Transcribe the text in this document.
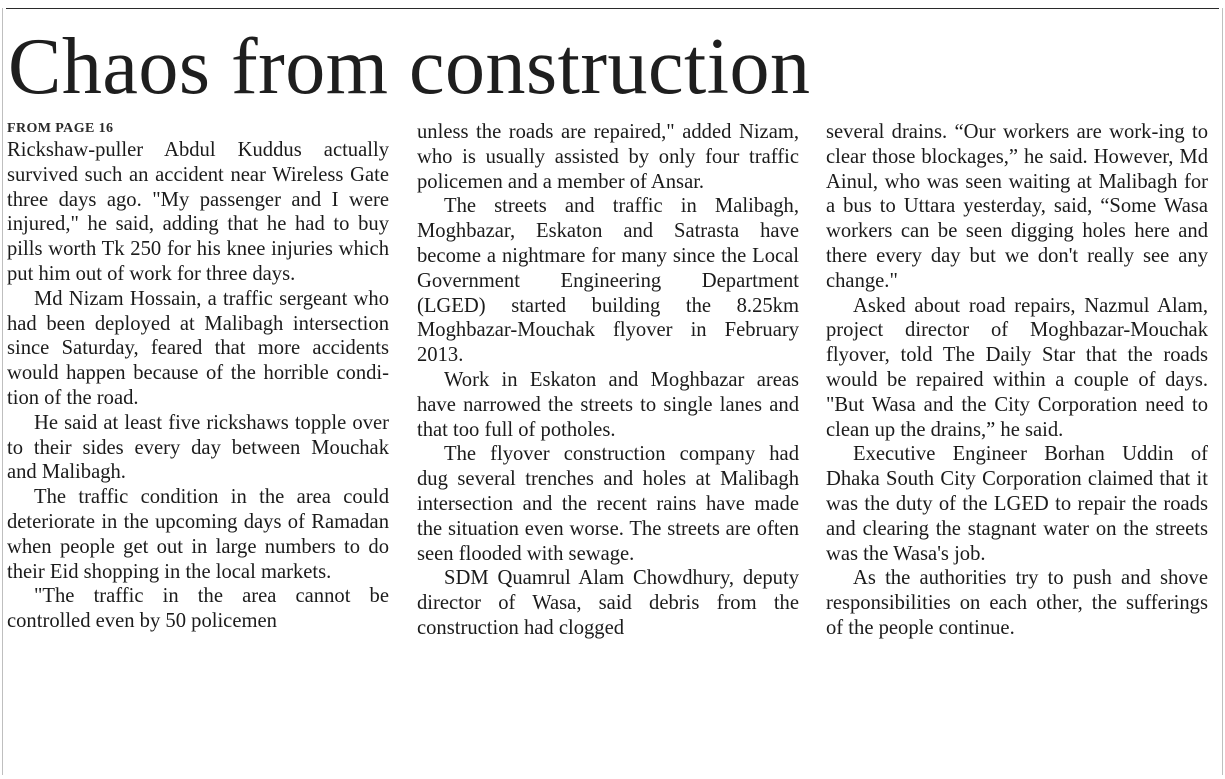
Chaos from construction
FROM PAGE 16

Rickshaw-puller Abdul Kuddus actually survived such an accident near Wireless Gate three days ago. "My passenger and I were injured," he said, adding that he had to buy pills worth Tk 250 for his knee injuries which put him out of work for three days.

Md Nizam Hossain, a traffic sergeant who had been deployed at Malibagh intersection since Saturday, feared that more accidents would happen because of the horrible condi-tion of the road.

He said at least five rickshaws topple over to their sides every day between Mouchak and Malibagh.

The traffic condition in the area could deteriorate in the upcoming days of Ramadan when people get out in large numbers to do their Eid shopping in the local markets.

"The traffic in the area cannot be controlled even by 50 policemen

unless the roads are repaired," added Nizam, who is usually assisted by only four traffic policemen and a member of Ansar.

The streets and traffic in Malibagh, Moghbazar, Eskaton and Satrasta have become a nightmare for many since the Local Government Engineering Department (LGED) started building the 8.25km Moghbazar-Mouchak flyover in February 2013.

Work in Eskaton and Moghbazar areas have narrowed the streets to single lanes and that too full of potholes.

The flyover construction company had dug several trenches and holes at Malibagh intersection and the recent rains have made the situation even worse. The streets are often seen flooded with sewage.

SDM Quamrul Alam Chowdhury, deputy director of Wasa, said debris from the construction had clogged

several drains. “Our workers are work-ing to clear those blockages,” he said. However, Md Ainul, who was seen waiting at Malibagh for a bus to Uttara yesterday, said, “Some Wasa workers can be seen digging holes here and there every day but we don't really see any change."

Asked about road repairs, Nazmul Alam, project director of Moghbazar-Mouchak flyover, told The Daily Star that the roads would be repaired within a couple of days. "But Wasa and the City Corporation need to clean up the drains,” he said.

Executive Engineer Borhan Uddin of Dhaka South City Corporation claimed that it was the duty of the LGED to repair the roads and clearing the stagnant water on the streets was the Wasa's job.

As the authorities try to push and shove responsibilities on each other, the sufferings of the people continue.
